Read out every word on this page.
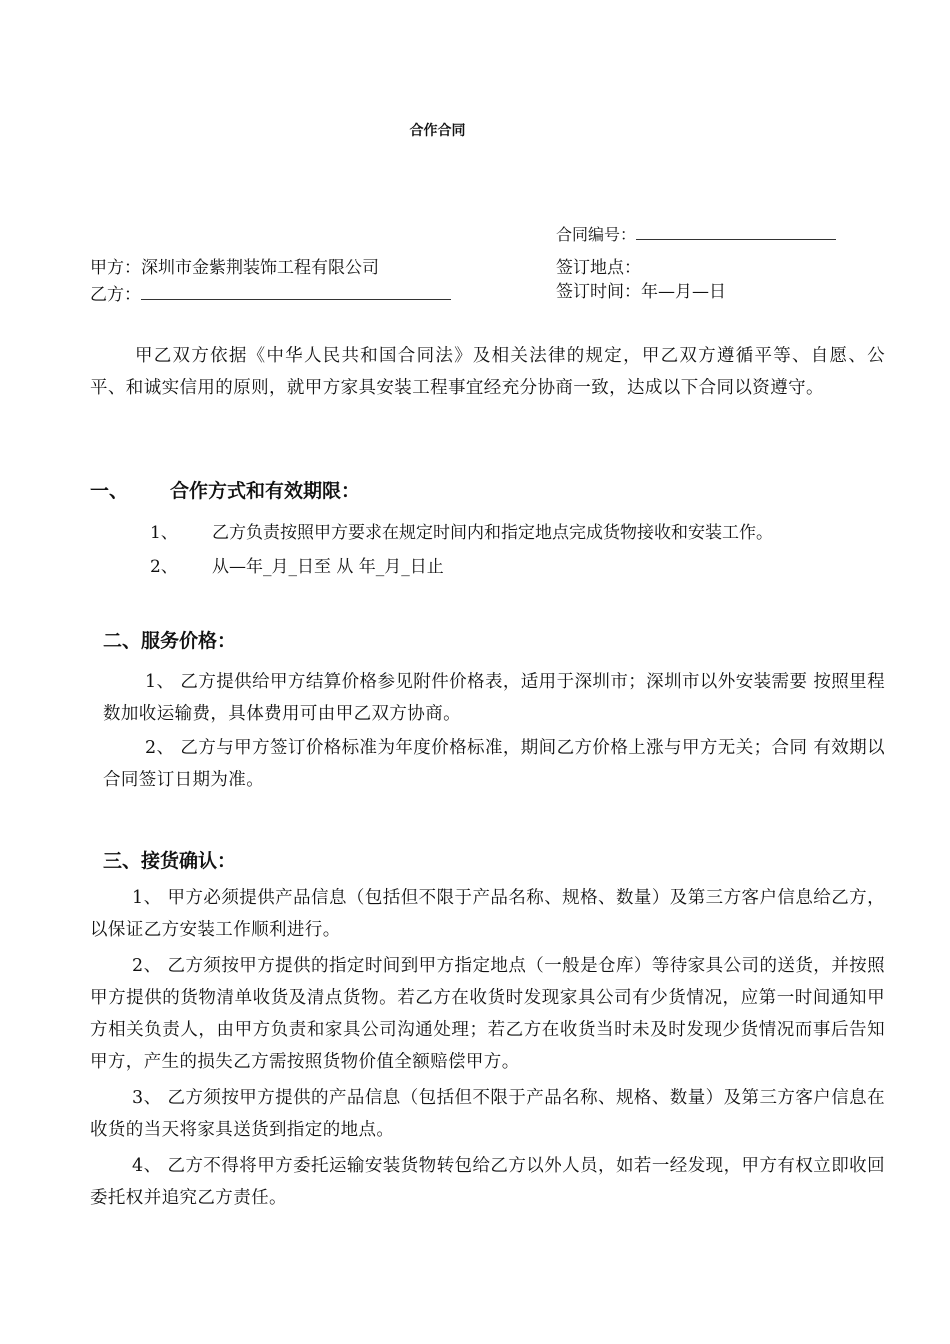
合作合同
合同编号：
签订地点：
签订时间：年—月—日
甲方：深圳市金紫荆装饰工程有限公司
乙方：
甲乙双方依据《中华人民共和国合同法》及相关法律的规定，甲乙双方遵循平等、自愿、公平、和诚实信用的原则，就甲方家具安装工程事宜经充分协商一致，达成以下合同以资遵守。
一、 合作方式和有效期限：
1、 乙方负责按照甲方要求在规定时间内和指定地点完成货物接收和安装工作。
2、 从—年_月_日至 从 年_月_日止
二、服务价格：
1、 乙方提供给甲方结算价格参见附件价格表，适用于深圳市；深圳市以外安装需要 按照里程数加收运输费，具体费用可由甲乙双方协商。
2、 乙方与甲方签订价格标准为年度价格标准，期间乙方价格上涨与甲方无关；合同 有效期以合同签订日期为准。
三、接货确认：
1、 甲方必须提供产品信息（包括但不限于产品名称、规格、数量）及第三方客户信息给乙方，以保证乙方安装工作顺利进行。
2、 乙方须按甲方提供的指定时间到甲方指定地点（一般是仓库）等待家具公司的送货，并按照甲方提供的货物清单收货及清点货物。若乙方在收货时发现家具公司有少货情况，应第一时间通知甲方相关负责人，由甲方负责和家具公司沟通处理；若乙方在收货当时未及时发现少货情况而事后告知甲方，产生的损失乙方需按照货物价值全额赔偿甲方。
3、 乙方须按甲方提供的产品信息（包括但不限于产品名称、规格、数量）及第三方客户信息在收货的当天将家具送货到指定的地点。
4、 乙方不得将甲方委托运输安装货物转包给乙方以外人员，如若一经发现，甲方有权立即收回委托权并追究乙方责任。
